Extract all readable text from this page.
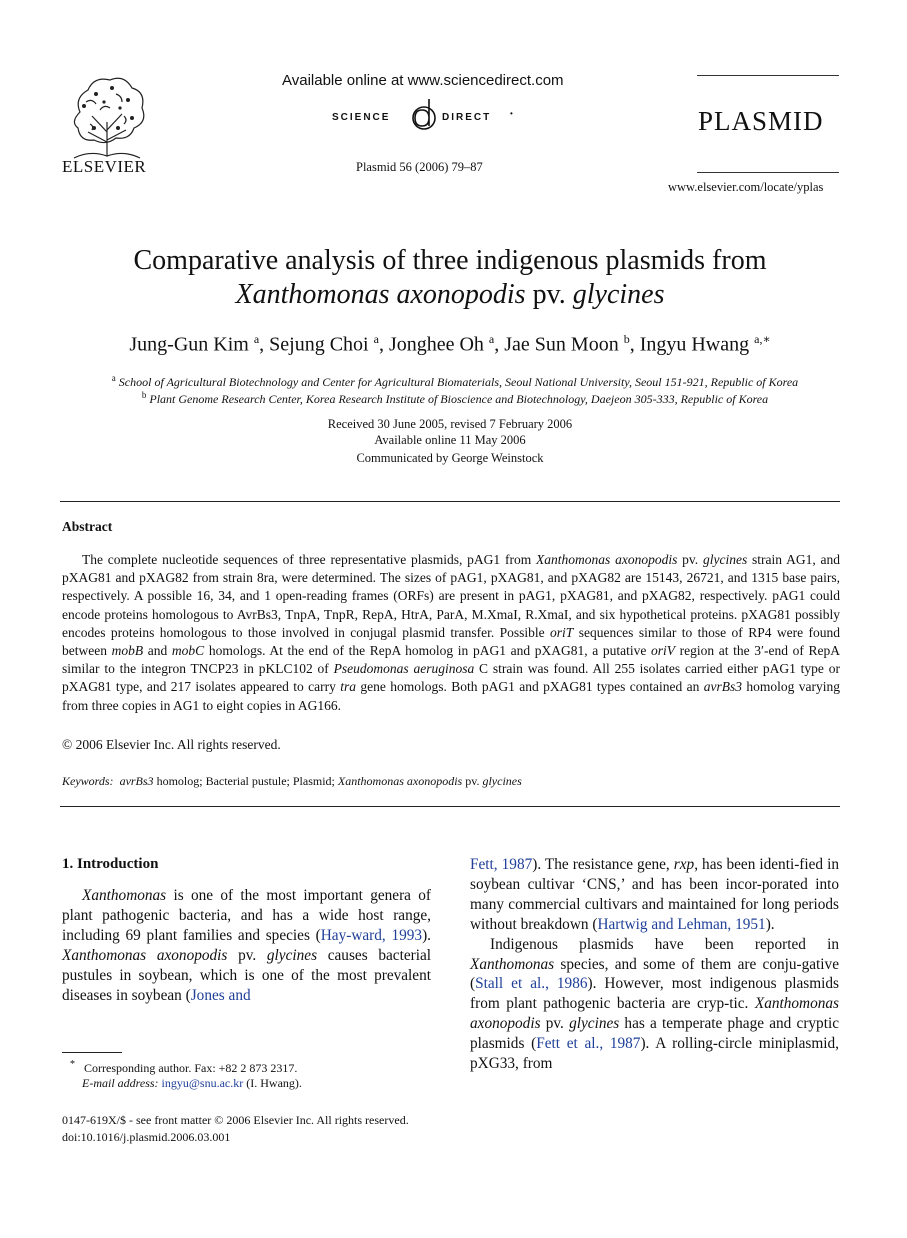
ELSEVIER
Available online at www.sciencedirect.com
SCIENCE	DIRECT •
Plasmid 56 (2006) 79–87
PLASMID
www.elsevier.com/locate/yplas
Comparative analysis of three indigenous plasmids from
Xanthomonas axonopodis pv. glycines
Jung-Gun Kim $^a$, Sejung Choi $^a$, Jonghee Oh $^a$, Jae Sun Moon $^b$, Ingyu Hwang $^{a,∗}$
$^a$ School of Agricultural Biotechnology and Center for Agricultural Biomaterials, Seoul National University, Seoul 151-921, Republic of Korea
$^b$ Plant Genome Research Center, Korea Research Institute of Bioscience and Biotechnology, Daejeon 305-333, Republic of Korea
Received 30 June 2005, revised 7 February 2006
Available online 11 May 2006
Communicated by George Weinstock
Abstract

The complete nucleotide sequences of three representative plasmids, pAG1 from Xanthomonas axonopodis pv. glycines strain AG1, and pXAG81 and pXAG82 from strain 8ra, were determined. The sizes of pAG1, pXAG81, and pXAG82 are 15143, 26721, and 1315 base pairs, respectively. A possible 16, 34, and 1 open-reading frames (ORFs) are present in pAG1, pXAG81, and pXAG82, respectively. pAG1 could encode proteins homologous to AvrBs3, TnpA, TnpR, RepA, HtrA, ParA, M.XmaI, R.XmaI, and six hypothetical proteins. pXAG81 possibly encodes proteins homologous to those involved in conjugal plasmid transfer. Possible oriT sequences similar to those of RP4 were found between mobB and mobC homologs. At the end of the RepA homolog in pAG1 and pXAG81, a putative oriV region at the 3′-end of RepA similar to the integron TNCP23 in pKLC102 of Pseudomonas aeruginosa C strain was found. All 255 isolates carried either pAG1 type or pXAG81 type, and 217 isolates appeared to carry tra gene homologs. Both pAG1 and pXAG81 types contained an avrBs3 homolog varying from three copies in AG1 to eight copies in AG166.

© 2006 Elsevier Inc. All rights reserved.
Keywords: avrBs3 homolog; Bacterial pustule; Plasmid; Xanthomonas axonopodis pv. glycines
1. Introduction

Xanthomonas is one of the most important genera of plant pathogenic bacteria, and has a wide host range, including 69 plant families and species (Hay-ward, 1993). Xanthomonas axonopodis pv. glycines causes bacterial pustules in soybean, which is one of the most prevalent diseases in soybean (Jones and

Fett, 1987). The resistance gene, rxp, has been identi-fied in soybean cultivar ‘CNS,’ and has been incor-porated into many commercial cultivars and maintained for long periods without breakdown (Hartwig and Lehman, 1951).

Indigenous plasmids have been reported in Xanthomonas species, and some of them are conju-gative (Stall et al., 1986). However, most indigenous plasmids from plant pathogenic bacteria are cryp-tic. Xanthomonas axonopodis pv. glycines has a temperate phage and cryptic plasmids (Fett et al., 1987). A rolling-circle miniplasmid, pXG33, from

* Corresponding author. Fax: +82 2 873 2317.
E-mail address: ingyu@snu.ac.kr (I. Hwang).
0147-619X/$ - see front matter © 2006 Elsevier Inc. All rights reserved.
doi:10.1016/j.plasmid.2006.03.001
